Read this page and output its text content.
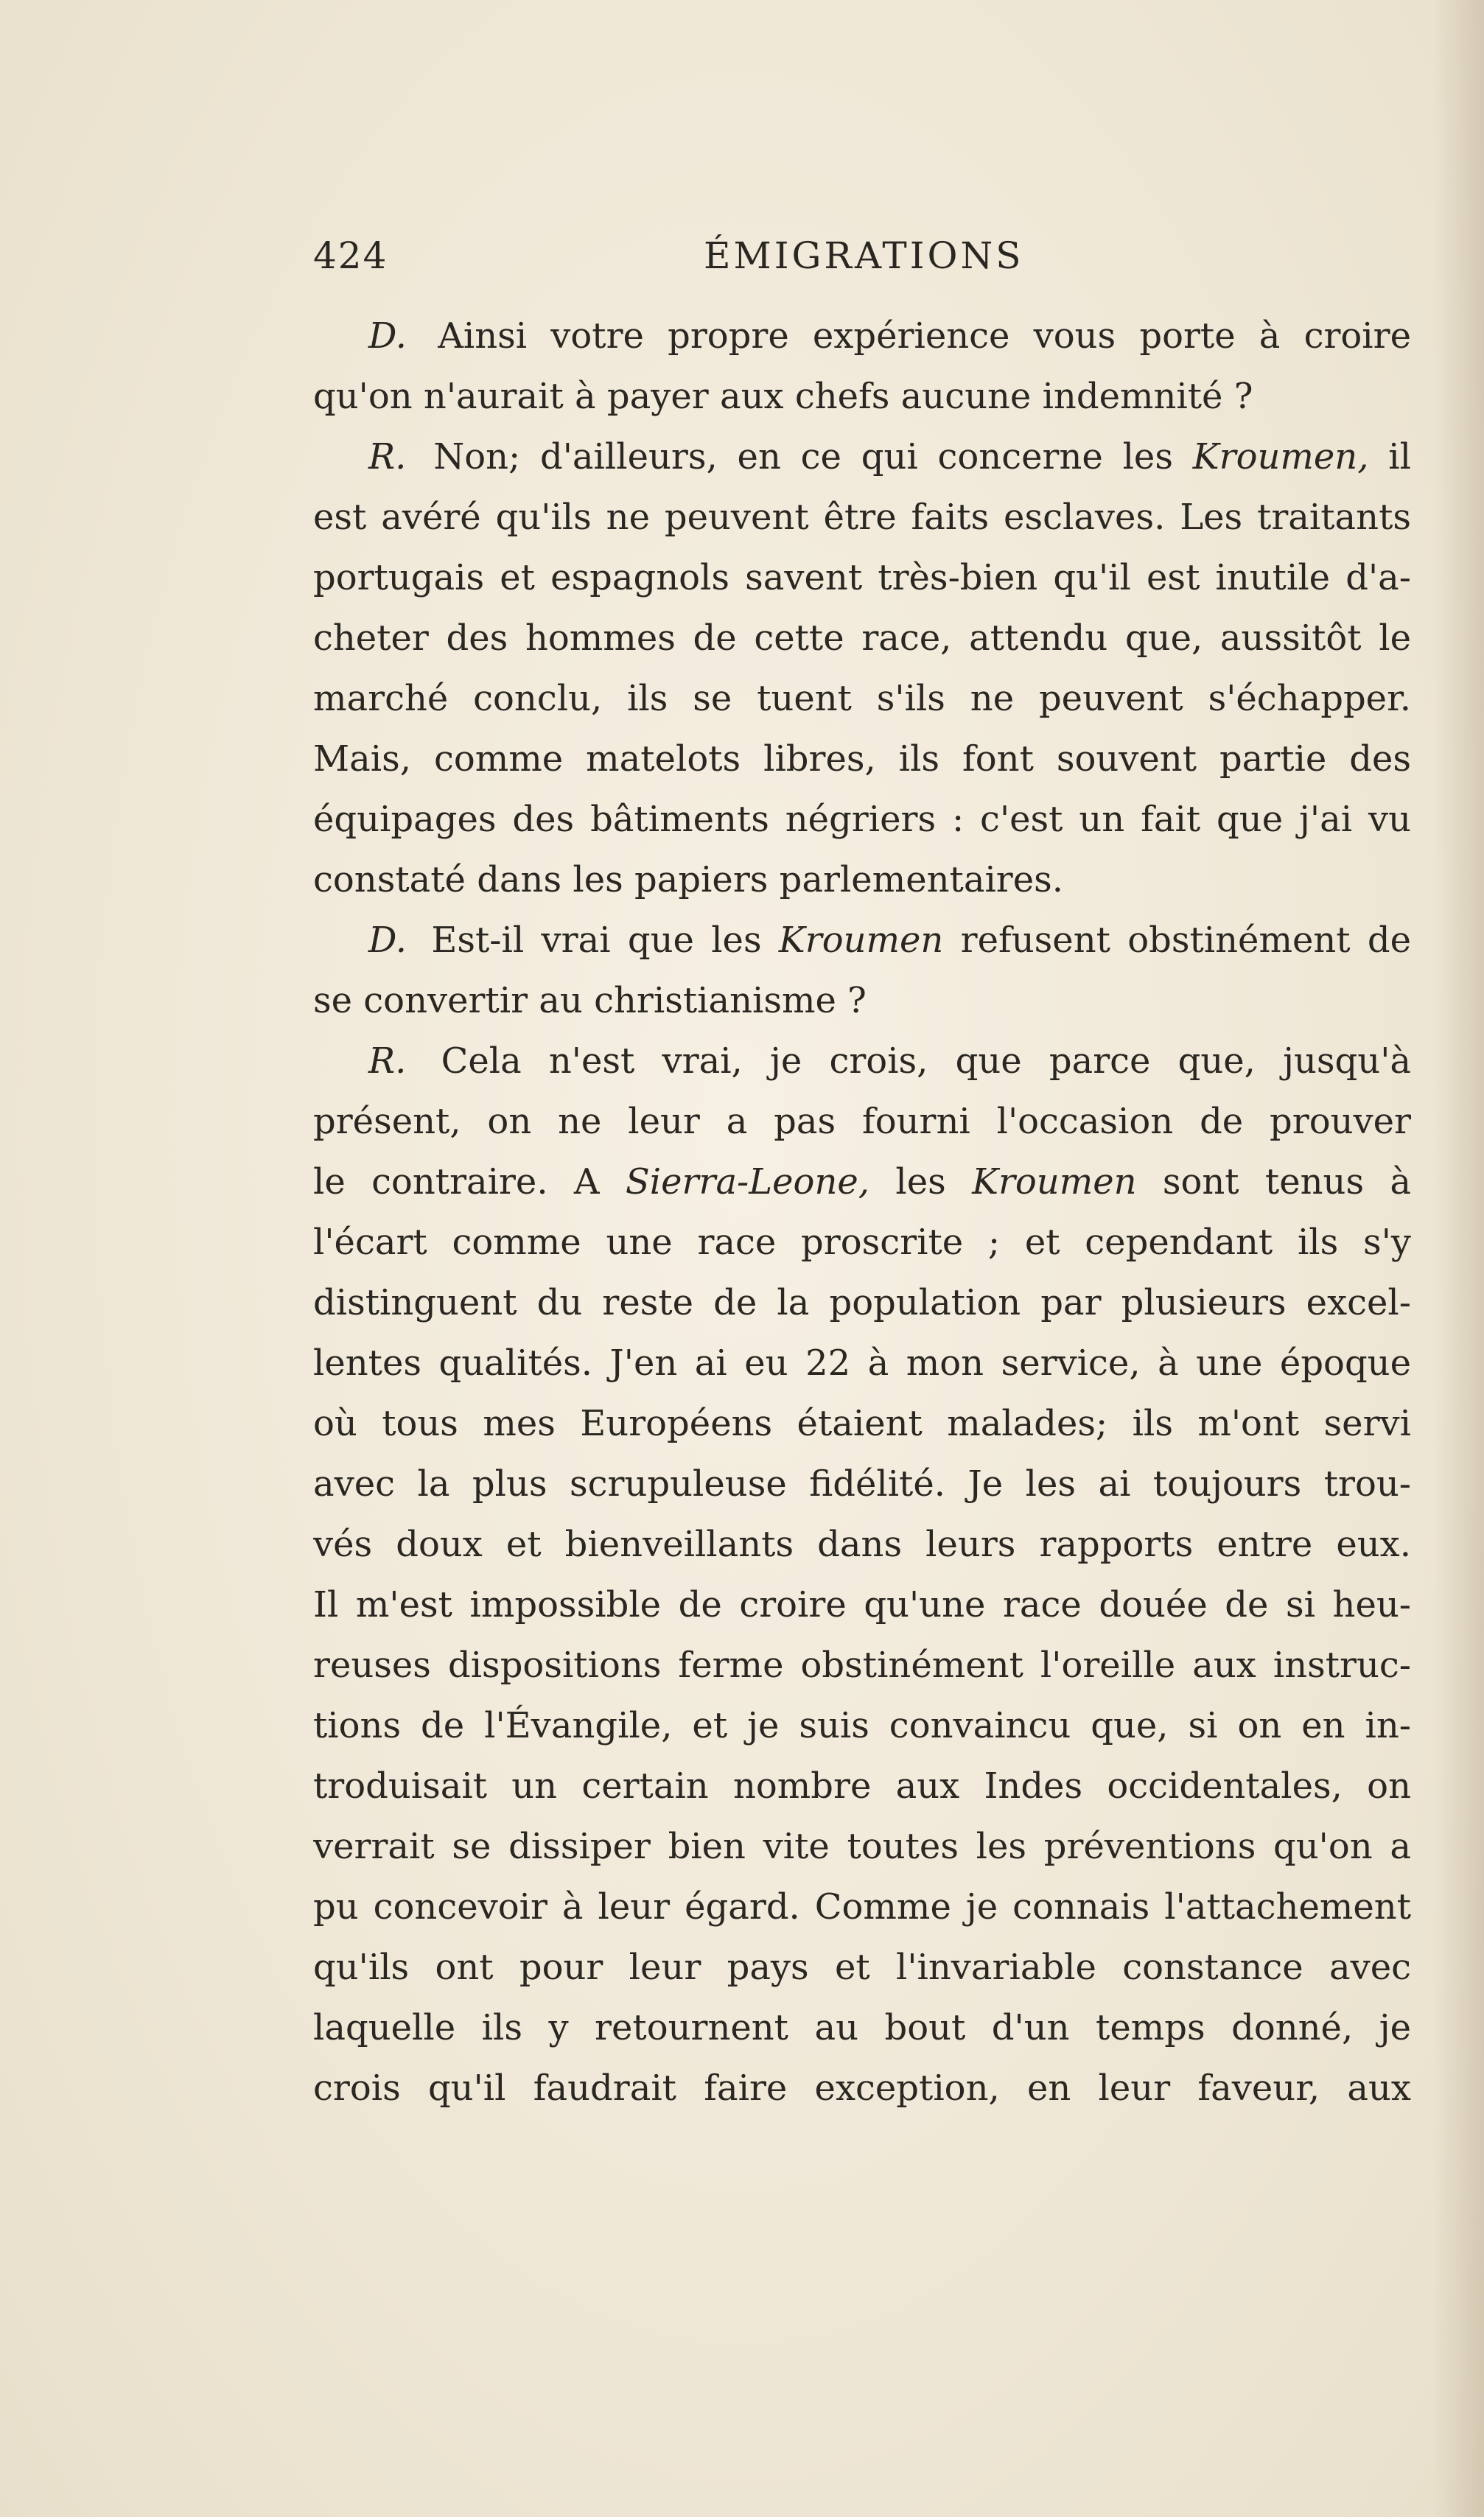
424	ÉMIGRATIONS
D. Ainsi votre propre expérience vous porte à croire
qu'on n'aurait à payer aux chefs aucune indemnité ?
R. Non; d'ailleurs, en ce qui concerne les Kroumen, il
est avéré qu'ils ne peuvent être faits esclaves. Les traitants
portugais et espagnols savent très-bien qu'il est inutile d'a-
cheter des hommes de cette race, attendu que, aussitôt le
marché conclu, ils se tuent s'ils ne peuvent s'échapper.
Mais, comme matelots libres, ils font souvent partie des
équipages des bâtiments négriers : c'est un fait que j'ai vu
constaté dans les papiers parlementaires.
D. Est-il vrai que les Kroumen refusent obstinément de
se convertir au christianisme ?
R. Cela n'est vrai, je crois, que parce que, jusqu'à
présent, on ne leur a pas fourni l'occasion de prouver
le contraire. A Sierra-Leone, les Kroumen sont tenus à
l'écart comme une race proscrite ; et cependant ils s'y
distinguent du reste de la population par plusieurs excel-
lentes qualités. J'en ai eu 22 à mon service, à une époque
où tous mes Européens étaient malades; ils m'ont servi
avec la plus scrupuleuse fidélité. Je les ai toujours trou-
vés doux et bienveillants dans leurs rapports entre eux.
Il m'est impossible de croire qu'une race douée de si heu-
reuses dispositions ferme obstinément l'oreille aux instruc-
tions de l'Évangile, et je suis convaincu que, si on en in-
troduisait un certain nombre aux Indes occidentales, on
verrait se dissiper bien vite toutes les préventions qu'on a
pu concevoir à leur égard. Comme je connais l'attachement
qu'ils ont pour leur pays et l'invariable constance avec
laquelle ils y retournent au bout d'un temps donné, je
crois qu'il faudrait faire exception, en leur faveur, aux
